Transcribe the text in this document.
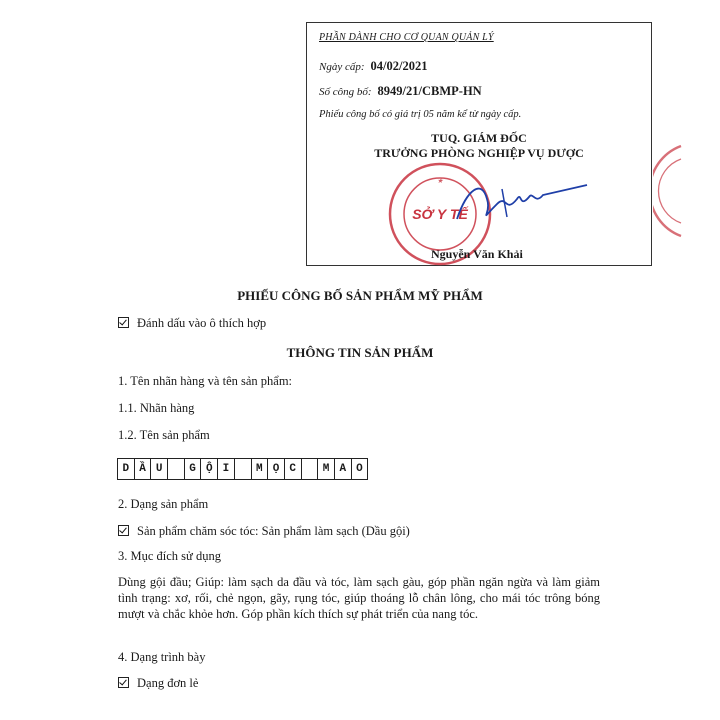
PHẦN DÀNH CHO CƠ QUAN QUẢN LÝ
Ngày cấp: 04/02/2021
Số công bố: 8949/21/CBMP-HN
Phiếu công bố có giá trị 05 năm kể từ ngày cấp.
SỞ Y TẾ
★
TUQ. GIÁM ĐỐC
TRƯỞNG PHÒNG NGHIỆP VỤ DƯỢC
Nguyễn Văn Khải
PHIẾU CÔNG BỐ SẢN PHẨM MỸ PHẨM
Đánh dấu vào ô thích hợp
THÔNG TIN SẢN PHẨM
1. Tên nhãn hàng và tên sản phẩm:
1.1. Nhãn hàng
1.2. Tên sản phẩm
D Ầ U	G Ộ I	M Ọ C	M A O
2. Dạng sản phẩm
Sản phẩm chăm sóc tóc: Sản phẩm làm sạch (Dầu gội)
3. Mục đích sử dụng
Dùng gội đầu; Giúp: làm sạch da đầu và tóc, làm sạch gàu, góp phần ngăn ngừa và làm giảm tình trạng: xơ, rối, chẻ ngọn, gãy, rụng tóc, giúp thoáng lỗ chân lông, cho mái tóc trông bóng mượt và chắc khỏe hơn. Góp phần kích thích sự phát triển của nang tóc.
4. Dạng trình bày
Dạng đơn lẻ
